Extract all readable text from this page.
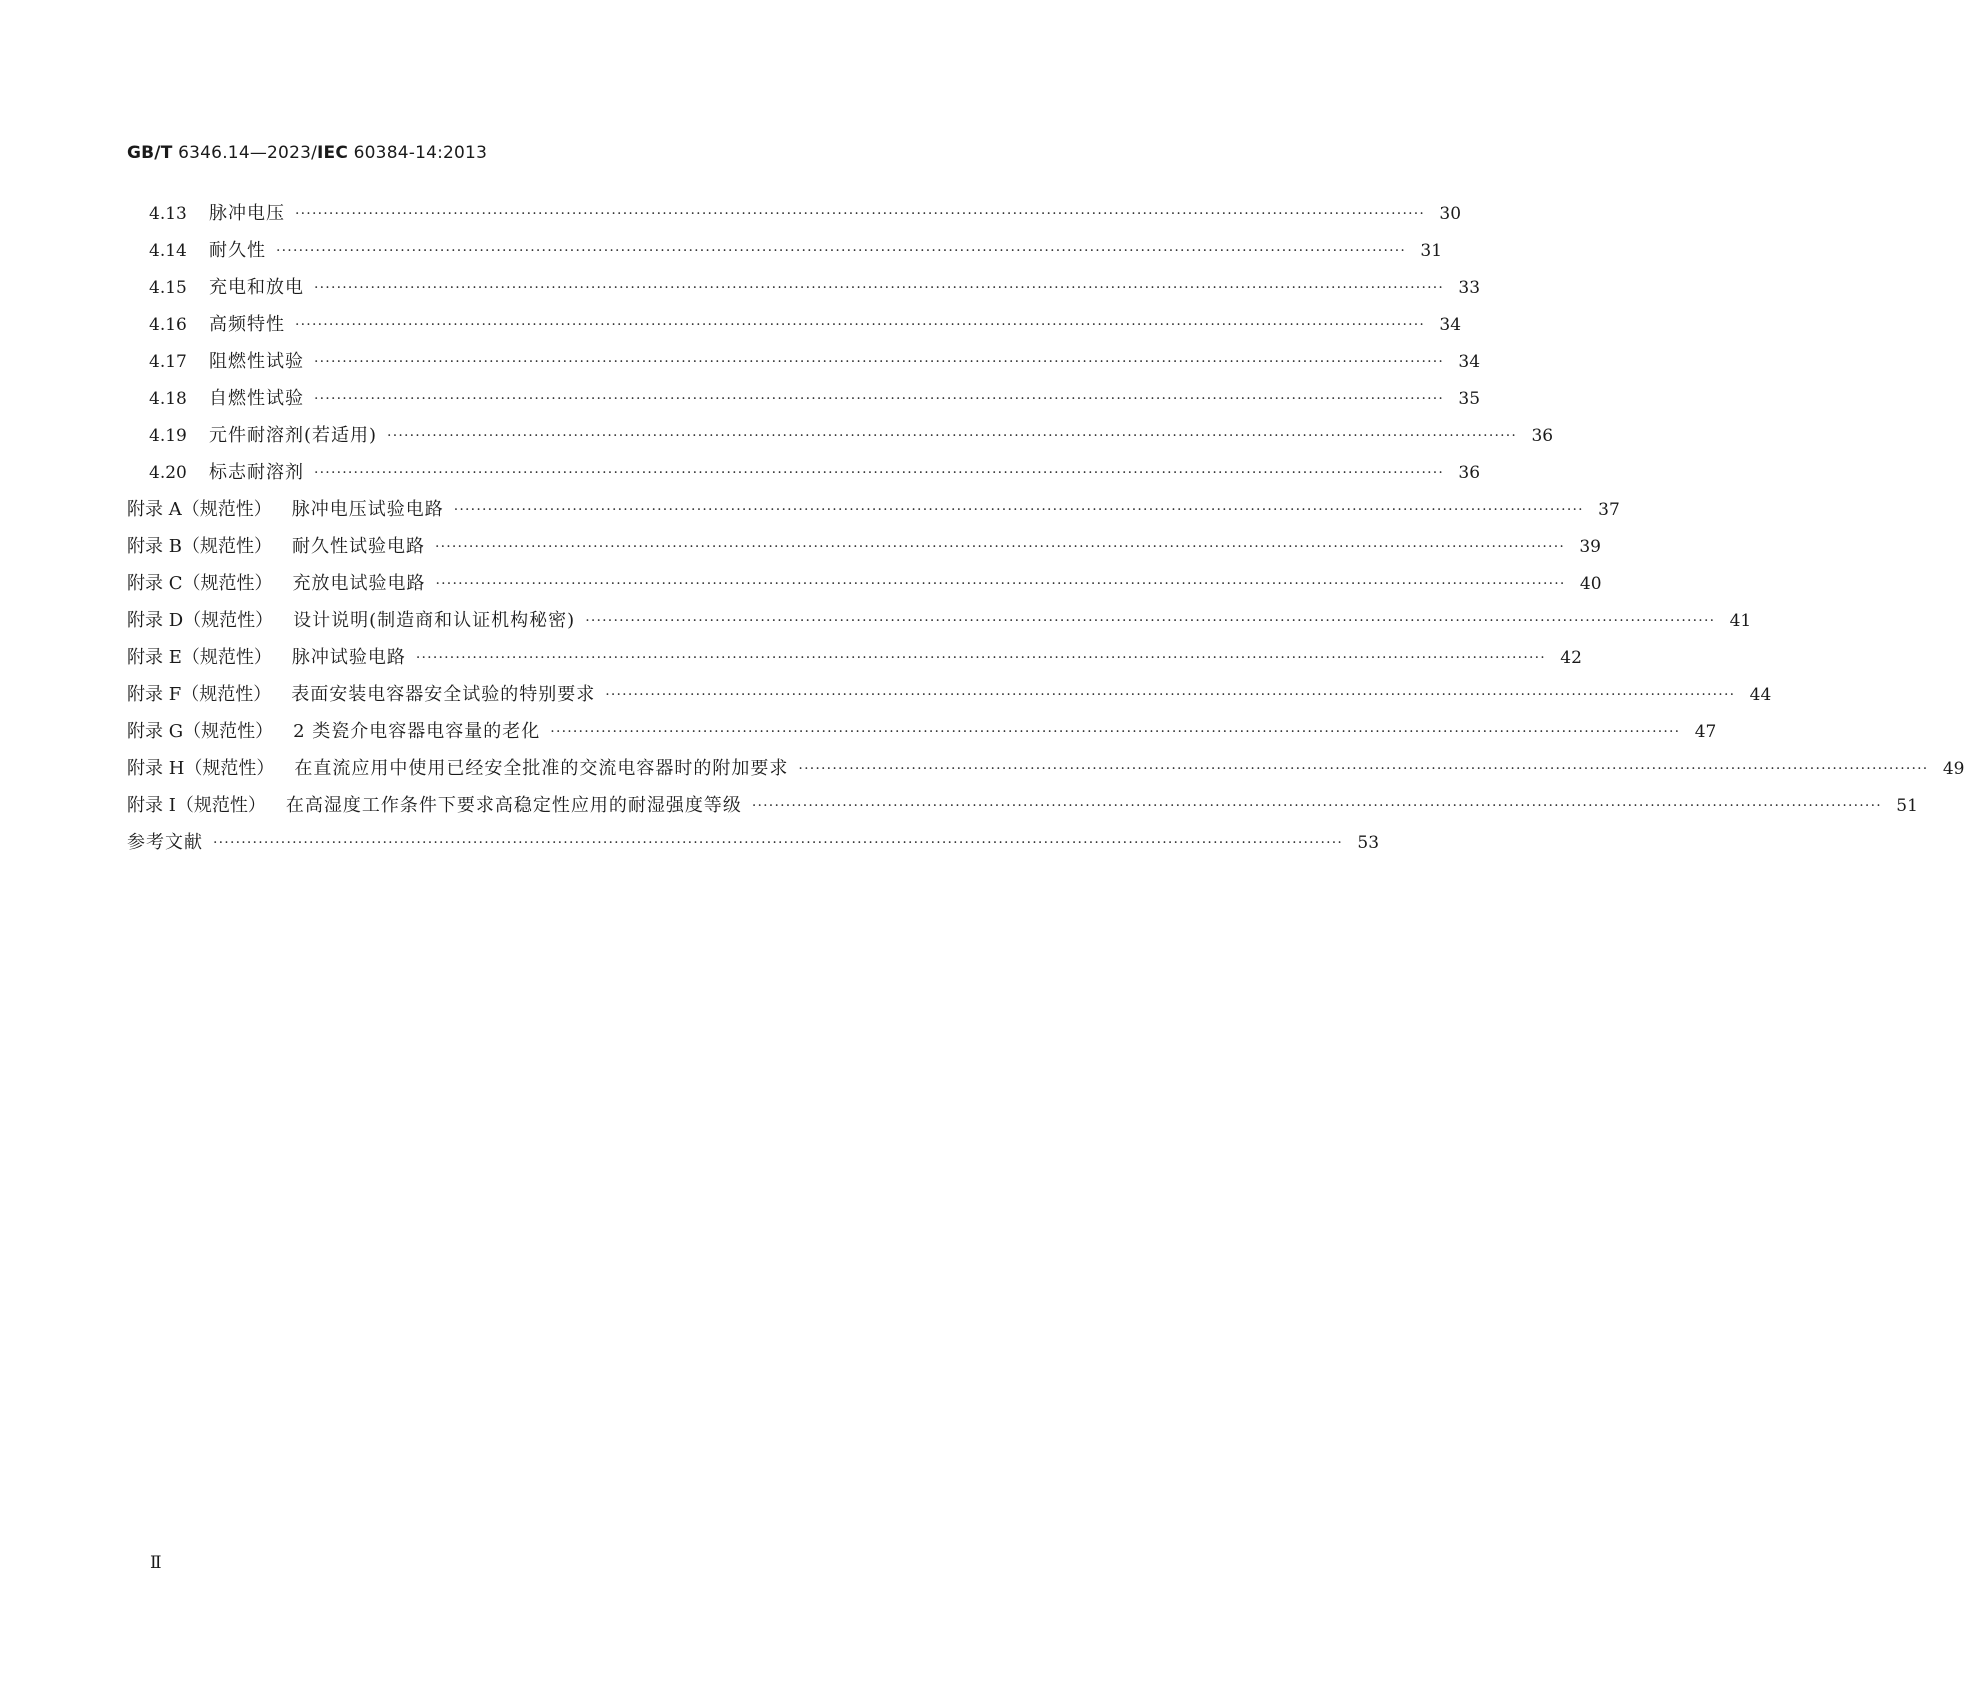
GB/T 6346.14—2023/IEC 60384-14:2013
4.13	脉冲电压 ········································································································································································································ 30
4.14	耐久性 ········································································································································································································ 31
4.15	充电和放电 ········································································································································································································ 33
4.16	高频特性 ········································································································································································································ 34
4.17	阻燃性试验 ········································································································································································································ 34
4.18	自燃性试验 ········································································································································································································ 35
4.19	元件耐溶剂(若适用) ········································································································································································································ 36
4.20	标志耐溶剂 ········································································································································································································ 36
附录 A（规范性） 脉冲电压试验电路 ········································································································································································································ 37
附录 B（规范性） 耐久性试验电路 ········································································································································································································ 39
附录 C（规范性） 充放电试验电路 ········································································································································································································ 40
附录 D（规范性） 设计说明(制造商和认证机构秘密) ········································································································································································································ 41
附录 E（规范性） 脉冲试验电路 ········································································································································································································ 42
附录 F（规范性） 表面安装电容器安全试验的特别要求 ········································································································································································································ 44
附录 G（规范性） 2 类瓷介电容器电容量的老化 ········································································································································································································ 47
附录 H（规范性） 在直流应用中使用已经安全批准的交流电容器时的附加要求 ········································································································································································································ 49
附录 I（规范性） 在高湿度工作条件下要求高稳定性应用的耐湿强度等级 ········································································································································································································ 51
参考文献 ········································································································································································································ 53
Ⅱ
